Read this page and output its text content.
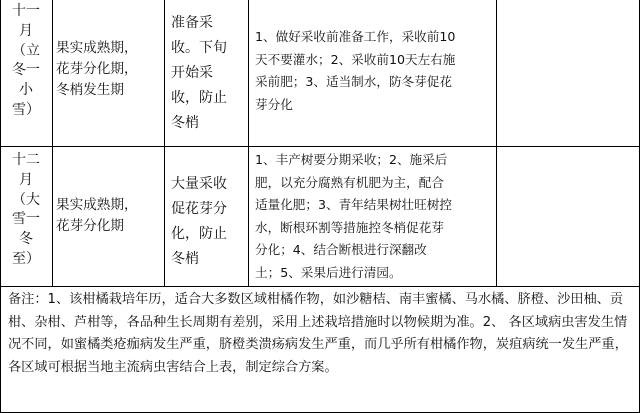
十一
月
（立
冬一
小
雪）
果实成熟期，
花芽分化期，
冬梢发生期
准备采
收。下旬
开始采
收，防止
冬梢
1、做好采收前准备工作，采收前10
天不要灌水；2、采收前10天左右施
采前肥；3、适当制水，防冬芽促花
芽分化
十二
月
（大
雪一
冬
至）
果实成熟期，
花芽分化期
大量采收
促花芽分
化，防止
冬梢
1、丰产树要分期采收；2、施采后
肥，以充分腐熟有机肥为主，配合
适量化肥；3、青年结果树壮旺树控
水，断根环割等措施控冬梢促花芽
分化；4、结合断根进行深翻改
土；5、采果后进行清园。
备注：1、该柑橘栽培年历，适合大多数区域柑橘作物，如沙糖桔、南丰蜜橘、马水橘、脐橙、沙田柚、贡柑、杂柑、芦柑等，各品种生长周期有差别，采用上述栽培措施时以物候期为准。2、 各区域病虫害发生情况不同，如蜜橘类疮痂病发生严重，脐橙类溃疡病发生严重，而几乎所有柑橘作物，炭疽病统一发生严重，各区域可根据当地主流病虫害结合上表，制定综合方案。
